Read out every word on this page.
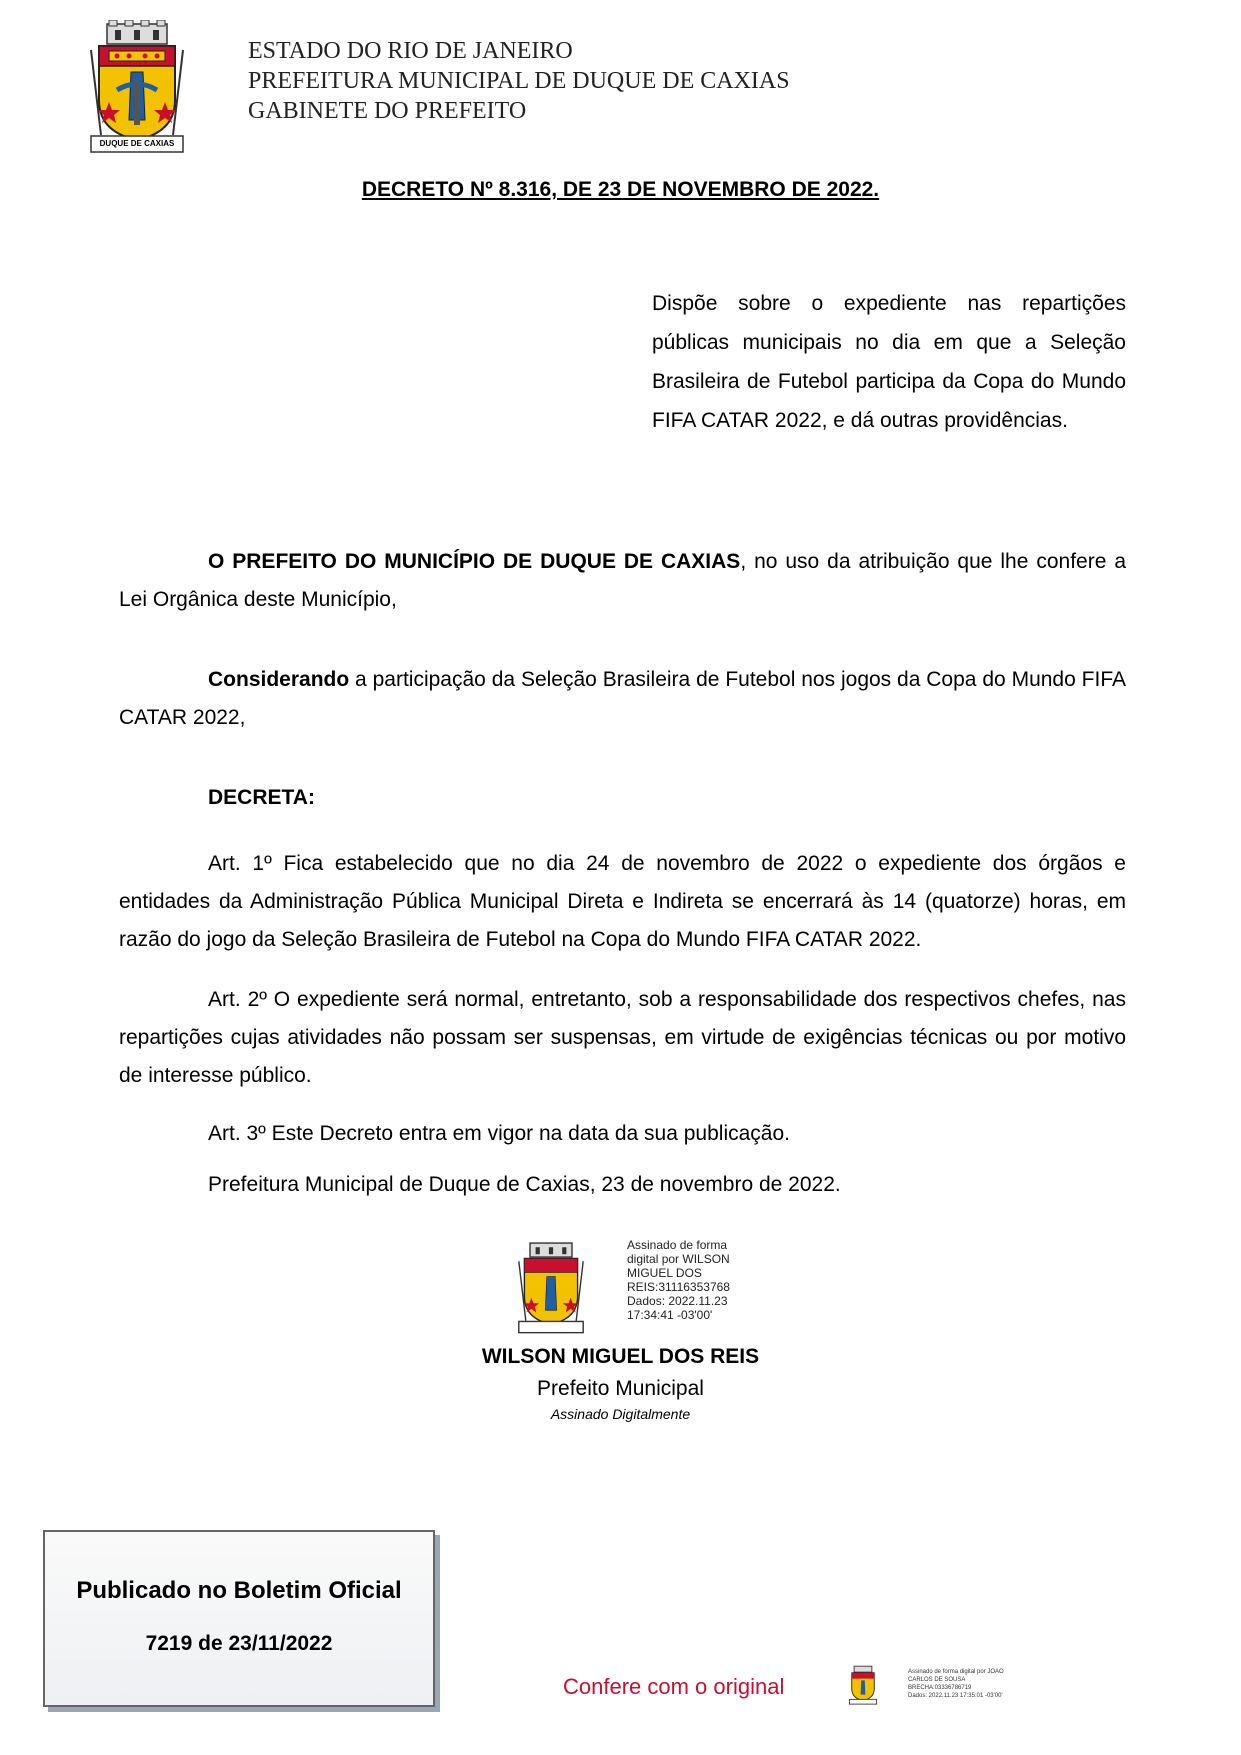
DUQUE DE CAXIAS
ESTADO DO RIO DE JANEIRO
PREFEITURA MUNICIPAL DE DUQUE DE CAXIAS
GABINETE DO PREFEITO
DECRETO Nº 8.316, DE 23 DE NOVEMBRO DE 2022.
Dispõe sobre o expediente nas repartições públicas municipais no dia em que a Seleção Brasileira de Futebol participa da Copa do Mundo FIFA CATAR 2022, e dá outras providências.
O PREFEITO DO MUNICÍPIO DE DUQUE DE CAXIAS, no uso da atribuição que lhe confere a Lei Orgânica deste Município,
Considerando a participação da Seleção Brasileira de Futebol nos jogos da Copa do Mundo FIFA CATAR 2022,
DECRETA:
Art. 1º Fica estabelecido que no dia 24 de novembro de 2022 o expediente dos órgãos e entidades da Administração Pública Municipal Direta e Indireta se encerrará às 14 (quatorze) horas, em razão do jogo da Seleção Brasileira de Futebol na Copa do Mundo FIFA CATAR 2022.
Art. 2º O expediente será normal, entretanto, sob a responsabilidade dos respectivos chefes, nas repartições cujas atividades não possam ser suspensas, em virtude de exigências técnicas ou por motivo de interesse público.
Art. 3º Este Decreto entra em vigor na data da sua publicação.
Prefeitura Municipal de Duque de Caxias, 23 de novembro de 2022.
Assinado de forma
digital por WILSON
MIGUEL DOS
REIS:31116353768
Dados: 2022.11.23
17:34:41 -03'00'
WILSON MIGUEL DOS REIS
Prefeito Municipal
Assinado Digitalmente
Publicado no Boletim Oficial
7219 de 23/11/2022
Confere com o original
Assinado de forma digital por JOAO
CARLOS DE SOUSA
BRECHA:03336786719
Dados: 2022.11.23 17:35:01 -03'00'
